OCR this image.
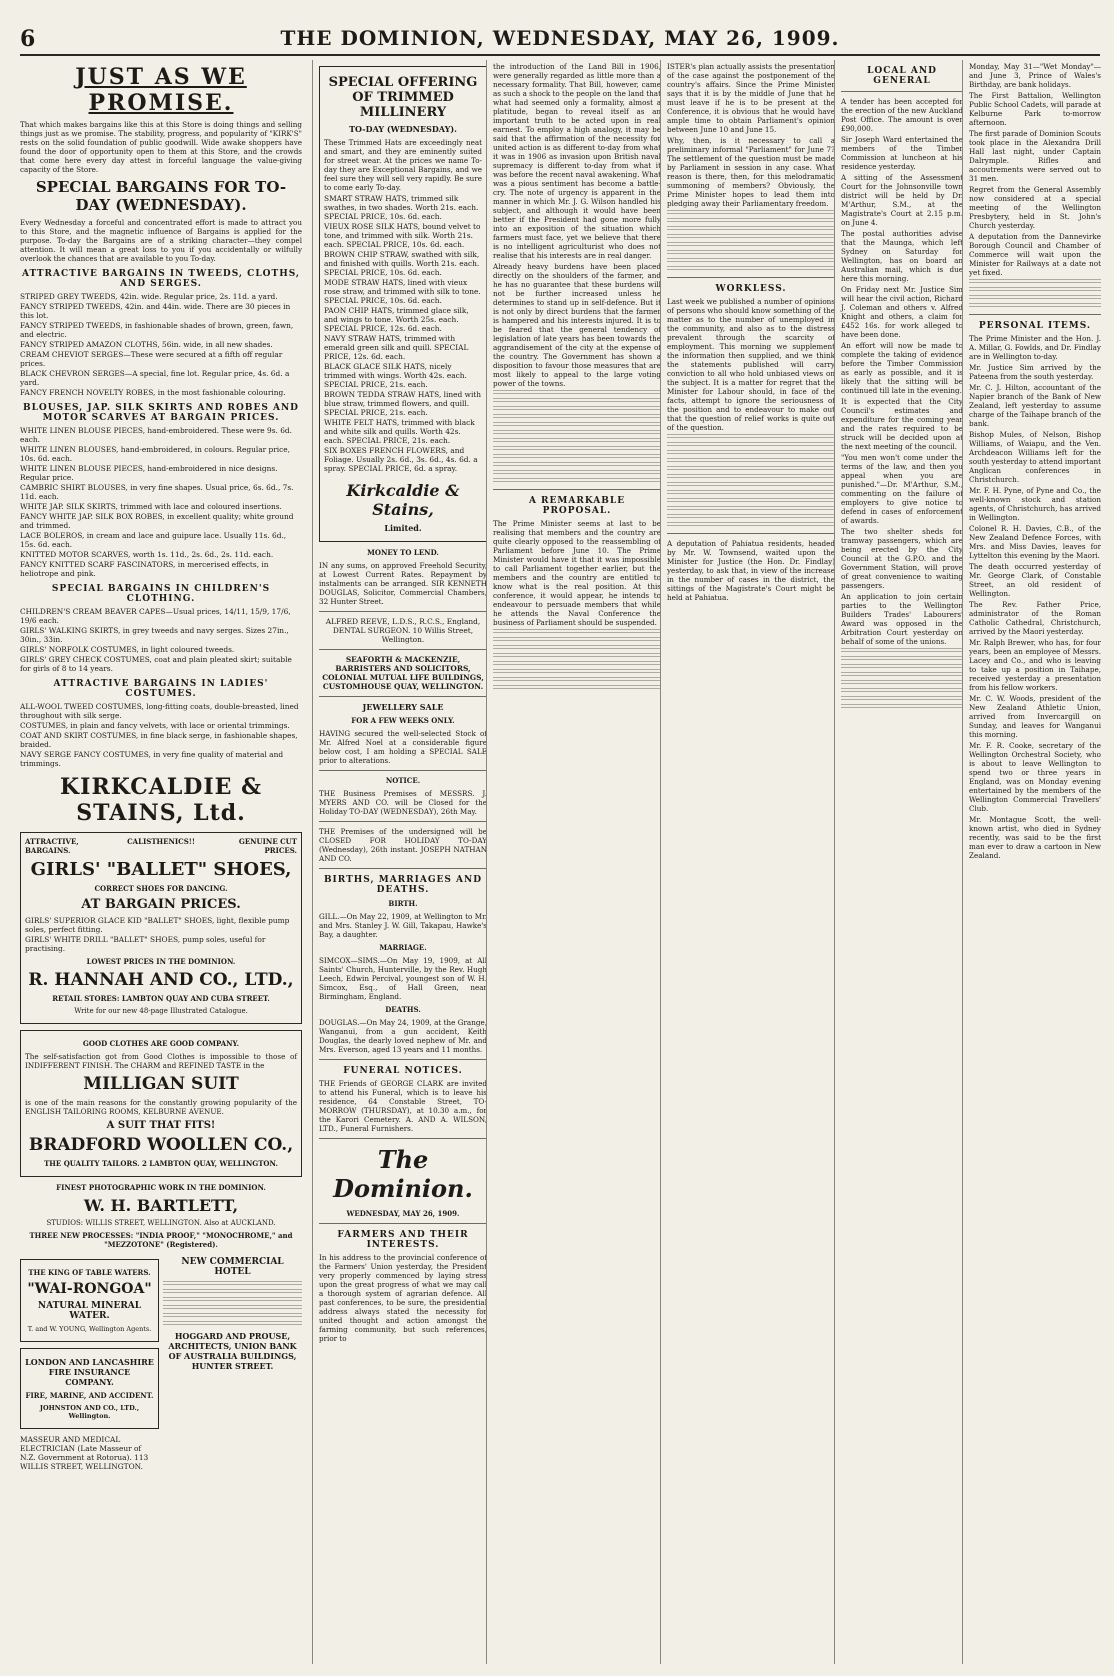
6	THE DOMINION, WEDNESDAY, MAY 26, 1909.
JUST AS WE PROMISE.

That which makes bargains like this at this Store is doing things and selling things just as we promise. The stability, progress, and popularity of "KIRK'S" rests on the solid foundation of public goodwill. Wide awake shoppers have found the door of opportunity open to them at this Store, and the crowds that come here every day attest in forceful language the value-giving capacity of the Store.

SPECIAL BARGAINS FOR TO-DAY (WEDNESDAY).

Every Wednesday a forceful and concentrated effort is made to attract you to this Store, and the magnetic influence of Bargains is applied for the purpose. To-day the Bargains are of a striking character—they compel attention. It will mean a great loss to you if you accidentally or wilfully overlook the chances that are available to you To-day.

ATTRACTIVE BARGAINS IN TWEEDS, CLOTHS, AND SERGES.
STRIPED GREY TWEEDS, 42in. wide. Regular price, 2s. 11d. a yard.
FANCY STRIPED TWEEDS, 42in. and 44in. wide. There are 30 pieces in this lot.
FANCY STRIPED TWEEDS, in fashionable shades of brown, green, fawn, and electric.
FANCY STRIPED AMAZON CLOTHS, 56in. wide, in all new shades.
CREAM CHEVIOT SERGES—These were secured at a fifth off regular prices.
BLACK CHEVRON SERGES—A special, fine lot. Regular price, 4s. 6d. a yard.
FANCY FRENCH NOVELTY ROBES, in the most fashionable colouring.
BLOUSES, JAP. SILK SKIRTS AND ROBES AND MOTOR SCARVES AT BARGAIN PRICES.
WHITE LINEN BLOUSE PIECES, hand-embroidered. These were 9s. 6d. each.
WHITE LINEN BLOUSES, hand-embroidered, in colours. Regular price, 10s. 6d. each.
WHITE LINEN BLOUSE PIECES, hand-embroidered in nice designs. Regular price.
CAMBRIC SHIRT BLOUSES, in very fine shapes. Usual price, 6s. 6d., 7s. 11d. each.
WHITE JAP. SILK SKIRTS, trimmed with lace and coloured insertions.
FANCY WHITE JAP. SILK BOX ROBES, in excellent quality; white ground and trimmed.
LACE BOLEROS, in cream and lace and guipure lace. Usually 11s. 6d., 15s. 6d. each.
KNITTED MOTOR SCARVES, worth 1s. 11d., 2s. 6d., 2s. 11d. each.
FANCY KNITTED SCARF FASCINATORS, in mercerised effects, in heliotrope and pink.
SPECIAL BARGAINS IN CHILDREN'S CLOTHING.
CHILDREN'S CREAM BEAVER CAPES—Usual prices, 14/11, 15/9, 17/6, 19/6 each.
GIRLS' WALKING SKIRTS, in grey tweeds and navy serges. Sizes 27in., 30in., 33in.
GIRLS' NORFOLK COSTUMES, in light coloured tweeds.
GIRLS' GREY CHECK COSTUMES, coat and plain pleated skirt; suitable for girls of 8 to 14 years.
ATTRACTIVE BARGAINS IN LADIES' COSTUMES.
ALL-WOOL TWEED COSTUMES, long-fitting coats, double-breasted, lined throughout with silk serge.
COSTUMES, in plain and fancy velvets, with lace or oriental trimmings.
COAT AND SKIRT COSTUMES, in fine black serge, in fashionable shapes, braided.
NAVY SERGE FANCY COSTUMES, in very fine quality of material and trimmings.
KIRKCALDIE & STAINS, Ltd.
ATTRACTIVE, BARGAINS.
CALISTHENICS!!	GENUINE CUT PRICES.
GIRLS' "BALLET" SHOES,
CORRECT SHOES FOR DANCING.
AT BARGAIN PRICES.
GIRLS' SUPERIOR GLACE KID "BALLET" SHOES, light, flexible pump soles, perfect fitting.
GIRLS' WHITE DRILL "BALLET" SHOES, pump soles, useful for practising.
LOWEST PRICES IN THE DOMINION.
R. HANNAH AND CO., LTD.,
RETAIL STORES: LAMBTON QUAY AND CUBA STREET.
Write for our new 48-page Illustrated Catalogue.
GOOD CLOTHES ARE GOOD COMPANY.

The self-satisfaction got from Good Clothes is impossible to those of INDIFFERENT FINISH. The CHARM and REFINED TASTE in the

MILLIGAN SUIT

is one of the main reasons for the constantly growing popularity of the ENGLISH TAILORING ROOMS, KELBURNE AVENUE.

A SUIT THAT FITS!
BRADFORD WOOLLEN CO.,
THE QUALITY TAILORS. 2 LAMBTON QUAY, WELLINGTON.
FINEST PHOTOGRAPHIC WORK IN THE DOMINION.
W. H. BARTLETT,
STUDIOS: WILLIS STREET, WELLINGTON. Also at AUCKLAND.
THREE NEW PROCESSES: "INDIA PROOF," "MONOCHROME," and "MEZZOTONE" (Registered).
THE KING OF TABLE WATERS.
"WAI-RONGOA"
NATURAL MINERAL WATER.
T. and W. YOUNG, Wellington Agents.
LONDON AND LANCASHIRE FIRE INSURANCE COMPANY.
FIRE, MARINE, AND ACCIDENT.
JOHNSTON AND CO., LTD., Wellington.
MASSEUR AND MEDICAL ELECTRICIAN (Late Masseur of N.Z. Government at Rotorua). 113 WILLIS STREET, WELLINGTON.
NEW COMMERCIAL HOTEL
HOGGARD AND PROUSE, ARCHITECTS, UNION BANK OF AUSTRALIA BUILDINGS, HUNTER STREET.
SPECIAL OFFERING OF TRIMMED MILLINERY
TO-DAY (WEDNESDAY).

These Trimmed Hats are exceedingly neat and smart, and they are eminently suited for street wear. At the prices we name To-day they are Exceptional Bargains, and we feel sure they will sell very rapidly. Be sure to come early To-day.

SMART STRAW HATS, trimmed silk swathes, in two shades. Worth 21s. each. SPECIAL PRICE, 10s. 6d. each.
VIEUX ROSE SILK HATS, bound velvet to tone, and trimmed with silk. Worth 21s. each. SPECIAL PRICE, 10s. 6d. each.
BROWN CHIP STRAW, swathed with silk, and finished with quills. Worth 21s. each. SPECIAL PRICE, 10s. 6d. each.
MODE STRAW HATS, lined with vieux rose straw, and trimmed with silk to tone. SPECIAL PRICE, 10s. 6d. each.
PAON CHIP HATS, trimmed glace silk, and wings to tone. Worth 25s. each. SPECIAL PRICE, 12s. 6d. each.
NAVY STRAW HATS, trimmed with emerald green silk and quill. SPECIAL PRICE, 12s. 6d. each.
BLACK GLACE SILK HATS, nicely trimmed with wings. Worth 42s. each. SPECIAL PRICE, 21s. each.
BROWN TEDDA STRAW HATS, lined with blue straw, trimmed flowers, and quill. SPECIAL PRICE, 21s. each.
WHITE FELT HATS, trimmed with black and white silk and quills. Worth 42s. each. SPECIAL PRICE, 21s. each.
SIX BOXES FRENCH FLOWERS, and Foliage. Usually 2s. 6d., 3s. 6d., 4s. 6d. a spray. SPECIAL PRICE, 6d. a spray.
Kirkcaldie & Stains,
Limited.
MONEY TO LEND.

IN any sums, on approved Freehold Security, at Lowest Current Rates. Repayment by instalments can be arranged. SIR KENNETH DOUGLAS, Solicitor, Commercial Chambers, 32 Hunter Street.

ALFRED REEVE, L.D.S., R.C.S., England, DENTAL SURGEON. 10 Willis Street, Wellington.
SEAFORTH & MACKENZIE, BARRISTERS AND SOLICITORS, COLONIAL MUTUAL LIFE BUILDINGS, CUSTOMHOUSE QUAY, WELLINGTON.
JEWELLERY SALE
FOR A FEW WEEKS ONLY.

HAVING secured the well-selected Stock of Mr. Alfred Noel at a considerable figure below cost, I am holding a SPECIAL SALE prior to alterations.

NOTICE.

THE Business Premises of MESSRS. J. MYERS AND CO. will be Closed for the Holiday TO-DAY (WEDNESDAY), 26th May.

THE Premises of the undersigned will be CLOSED FOR HOLIDAY TO-DAY (Wednesday), 26th instant. JOSEPH NATHAN AND CO.

BIRTHS, MARRIAGES AND DEATHS.
BIRTH.

GILL.—On May 22, 1909, at Wellington to Mr. and Mrs. Stanley J. W. Gill, Takapau, Hawke's Bay, a daughter.

MARRIAGE.

SIMCOX—SIMS.—On May 19, 1909, at All Saints' Church, Hunterville, by the Rev. Hugh Leech, Edwin Percival, youngest son of W. H. Simcox, Esq., of Hall Green, near Birmingham, England.

DEATHS.

DOUGLAS.—On May 24, 1909, at the Grange, Wanganui, from a gun accident, Keith Douglas, the dearly loved nephew of Mr. and Mrs. Everson, aged 13 years and 11 months.

FUNERAL NOTICES.

THE Friends of GEORGE CLARK are invited to attend his Funeral, which is to leave his residence, 64 Constable Street, TO-MORROW (THURSDAY), at 10.30 a.m., for the Karori Cemetery. A. AND A. WILSON, LTD., Funeral Furnishers.

The Dominion.
WEDNESDAY, MAY 26, 1909.
FARMERS AND THEIR INTERESTS.

In his address to the provincial conference of the Farmers' Union yesterday, the President very properly commenced by laying stress upon the great progress of what we may call a thorough system of agrarian defence. All past conferences, to be sure, the presidential address always stated the necessity for united thought and action amongst the farming community, but such references, prior to

the introduction of the Land Bill in 1906, were generally regarded as little more than a necessary formality. That Bill, however, came as such a shock to the people on the land that what had seemed only a formality, almost a platitude, began to reveal itself as an important truth to be acted upon in real earnest. To employ a high analogy, it may be said that the affirmation of the necessity for united action is as different to-day from what it was in 1906 as invasion upon British naval supremacy is different to-day from what it was before the recent naval awakening. What was a pious sentiment has become a battle-cry. The note of urgency is apparent in the manner in which Mr. J. G. Wilson handled his subject, and although it would have been better if the President had gone more fully into an exposition of the situation which farmers must face, yet we believe that there is no intelligent agriculturist who does not realise that his interests are in real danger.

Already heavy burdens have been placed directly on the shoulders of the farmer, and he has no guarantee that these burdens will not be further increased unless he determines to stand up in self-defence. But it is not only by direct burdens that the farmer is hampered and his interests injured. It is to be feared that the general tendency of legislation of late years has been towards the aggrandisement of the city at the expense of the country. The Government has shown a disposition to favour those measures that are most likely to appeal to the large voting power of the towns.

A REMARKABLE PROPOSAL.

The Prime Minister seems at last to be realising that members and the country are quite clearly opposed to the reassembling of Parliament before June 10. The Prime Minister would have it that it was impossible to call Parliament together earlier, but the members and the country are entitled to know what is the real position. At this conference, it would appear, he intends to endeavour to persuade members that while he attends the Naval Conference the business of Parliament should be suspended.

ISTER's plan actually assists the presentation of the case against the postponement of the country's affairs. Since the Prime Minister says that it is by the middle of June that he must leave if he is to be present at the Conference, it is obvious that he would have ample time to obtain Parliament's opinion between June 10 and June 15.

Why, then, is it necessary to call a preliminary informal "Parliament" for June 7? The settlement of the question must be made by Parliament in session in any case. What reason is there, then, for this melodramatic summoning of members? Obviously, the Prime Minister hopes to lead them into pledging away their Parliamentary freedom.

WORKLESS.

Last week we published a number of opinions of persons who should know something of the matter as to the number of unemployed in the community, and also as to the distress prevalent through the scarcity of employment. This morning we supplement the information then supplied, and we think the statements published will carry conviction to all who hold unbiased views on the subject. It is a matter for regret that the Minister for Labour should, in face of the facts, attempt to ignore the seriousness of the position and to endeavour to make out that the question of relief works is quite out of the question.

A deputation of Pahiatua residents, headed by Mr. W. Townsend, waited upon the Minister for Justice (the Hon. Dr. Findlay) yesterday, to ask that, in view of the increase in the number of cases in the district, the sittings of the Magistrate's Court might be held at Pahiatua.

LOCAL AND GENERAL

A tender has been accepted for the erection of the new Auckland Post Office. The amount is over £90,000.

Sir Joseph Ward entertained the members of the Timber Commission at luncheon at his residence yesterday.

A sitting of the Assessment Court for the Johnsonville town district will be held by Dr. M'Arthur, S.M., at the Magistrate's Court at 2.15 p.m. on June 4.

The postal authorities advise that the Maunga, which left Sydney on Saturday for Wellington, has on board an Australian mail, which is due here this morning.

On Friday next Mr. Justice Sim will hear the civil action, Richard J. Coleman and others v. Alfred Knight and others, a claim for £452 16s. for work alleged to have been done.

An effort will now be made to complete the taking of evidence before the Timber Commission as early as possible, and it is likely that the sitting will be continued till late in the evening.

It is expected that the City Council's estimates and expenditure for the coming year and the rates required to be struck will be decided upon at the next meeting of the council.

"You men won't come under the terms of the law, and then you appeal when you are punished."—Dr. M'Arthur, S.M., commenting on the failure of employers to give notice to defend in cases of enforcement of awards.

The two shelter sheds for tramway passengers, which are being erected by the City Council at the G.P.O. and the Government Station, will prove of great convenience to waiting passengers.

An application to join certain parties to the Wellington Builders Trades' Labourers' Award was opposed in the Arbitration Court yesterday on behalf of some of the unions.

Monday, May 31—"Wet Monday"—and June 3, Prince of Wales's Birthday, are bank holidays.

The First Battalion, Wellington Public School Cadets, will parade at Kelburne Park to-morrow afternoon.

The first parade of Dominion Scouts took place in the Alexandra Drill Hall last night, under Captain Dalrymple. Rifles and accoutrements were served out to 31 men.

Regret from the General Assembly now considered at a special meeting of the Wellington Presbytery, held in St. John's Church yesterday.

A deputation from the Dannevirke Borough Council and Chamber of Commerce will wait upon the Minister for Railways at a date not yet fixed.

PERSONAL ITEMS.

The Prime Minister and the Hon. J. A. Millar, G. Fowlds, and Dr. Findlay are in Wellington to-day.

Mr. Justice Sim arrived by the Pateena from the south yesterday.

Mr. C. J. Hilton, accountant of the Napier branch of the Bank of New Zealand, left yesterday to assume charge of the Taihape branch of the bank.

Bishop Mules, of Nelson, Bishop Williams, of Waiapu, and the Ven. Archdeacon Williams left for the south yesterday to attend important Anglican conferences in Christchurch.

Mr. F. H. Pyne, of Pyne and Co., the well-known stock and station agents, of Christchurch, has arrived in Wellington.

Colonel R. H. Davies, C.B., of the New Zealand Defence Forces, with Mrs. and Miss Davies, leaves for Lyttelton this evening by the Maori.

The death occurred yesterday of Mr. George Clark, of Constable Street, an old resident of Wellington.

The Rev. Father Price, administrator of the Roman Catholic Cathedral, Christchurch, arrived by the Maori yesterday.

Mr. Ralph Brewer, who has, for four years, been an employee of Messrs. Lacey and Co., and who is leaving to take up a position in Taihape, received yesterday a presentation from his fellow workers.

Mr. C. W. Woods, president of the New Zealand Athletic Union, arrived from Invercargill on Sunday, and leaves for Wanganui this morning.

Mr. F. R. Cooke, secretary of the Wellington Orchestral Society, who is about to leave Wellington to spend two or three years in England, was on Monday evening entertained by the members of the Wellington Commercial Travellers' Club.

Mr. Montague Scott, the well-known artist, who died in Sydney recently, was said to be the first man ever to draw a cartoon in New Zealand.
